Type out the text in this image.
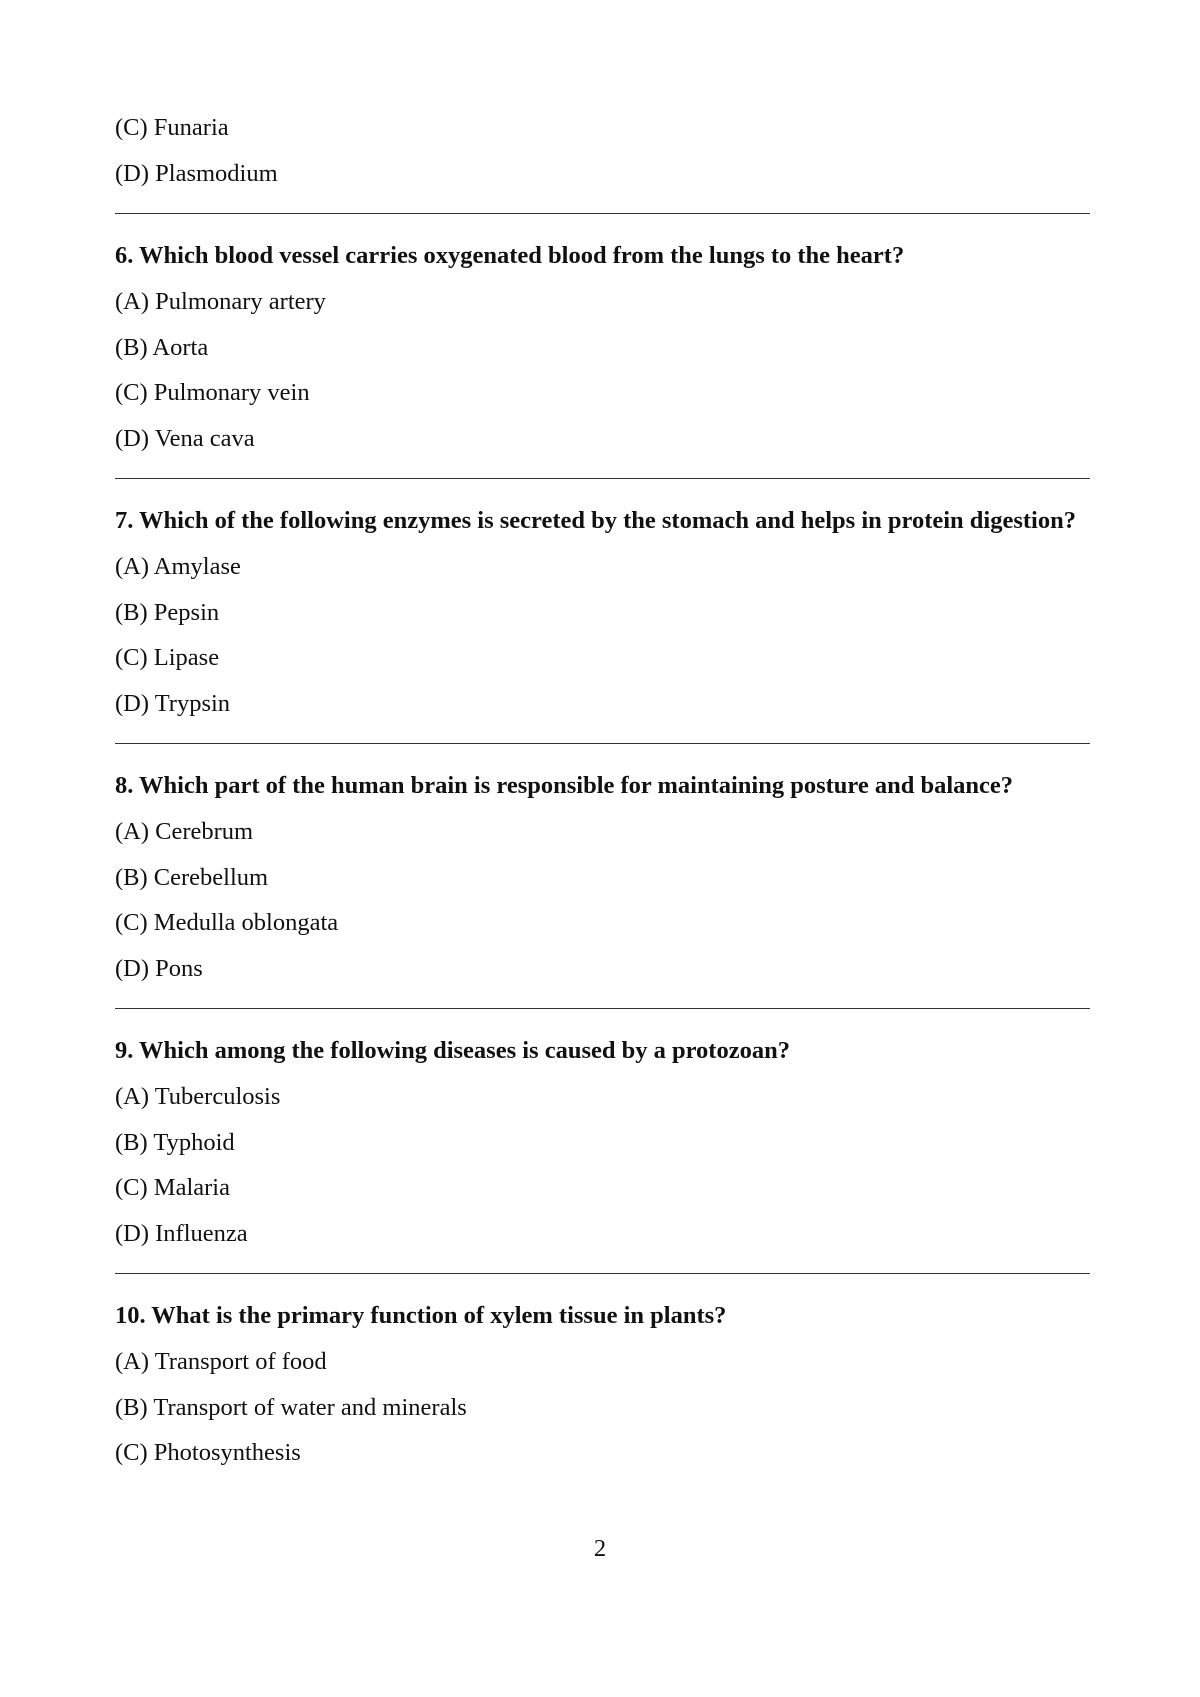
(C) Funaria
(D) Plasmodium
6. Which blood vessel carries oxygenated blood from the lungs to the heart?
(A) Pulmonary artery
(B) Aorta
(C) Pulmonary vein
(D) Vena cava
7. Which of the following enzymes is secreted by the stomach and helps in protein digestion?
(A) Amylase
(B) Pepsin
(C) Lipase
(D) Trypsin
8. Which part of the human brain is responsible for maintaining posture and balance?
(A) Cerebrum
(B) Cerebellum
(C) Medulla oblongata
(D) Pons
9. Which among the following diseases is caused by a protozoan?
(A) Tuberculosis
(B) Typhoid
(C) Malaria
(D) Influenza
10. What is the primary function of xylem tissue in plants?
(A) Transport of food
(B) Transport of water and minerals
(C) Photosynthesis
2
